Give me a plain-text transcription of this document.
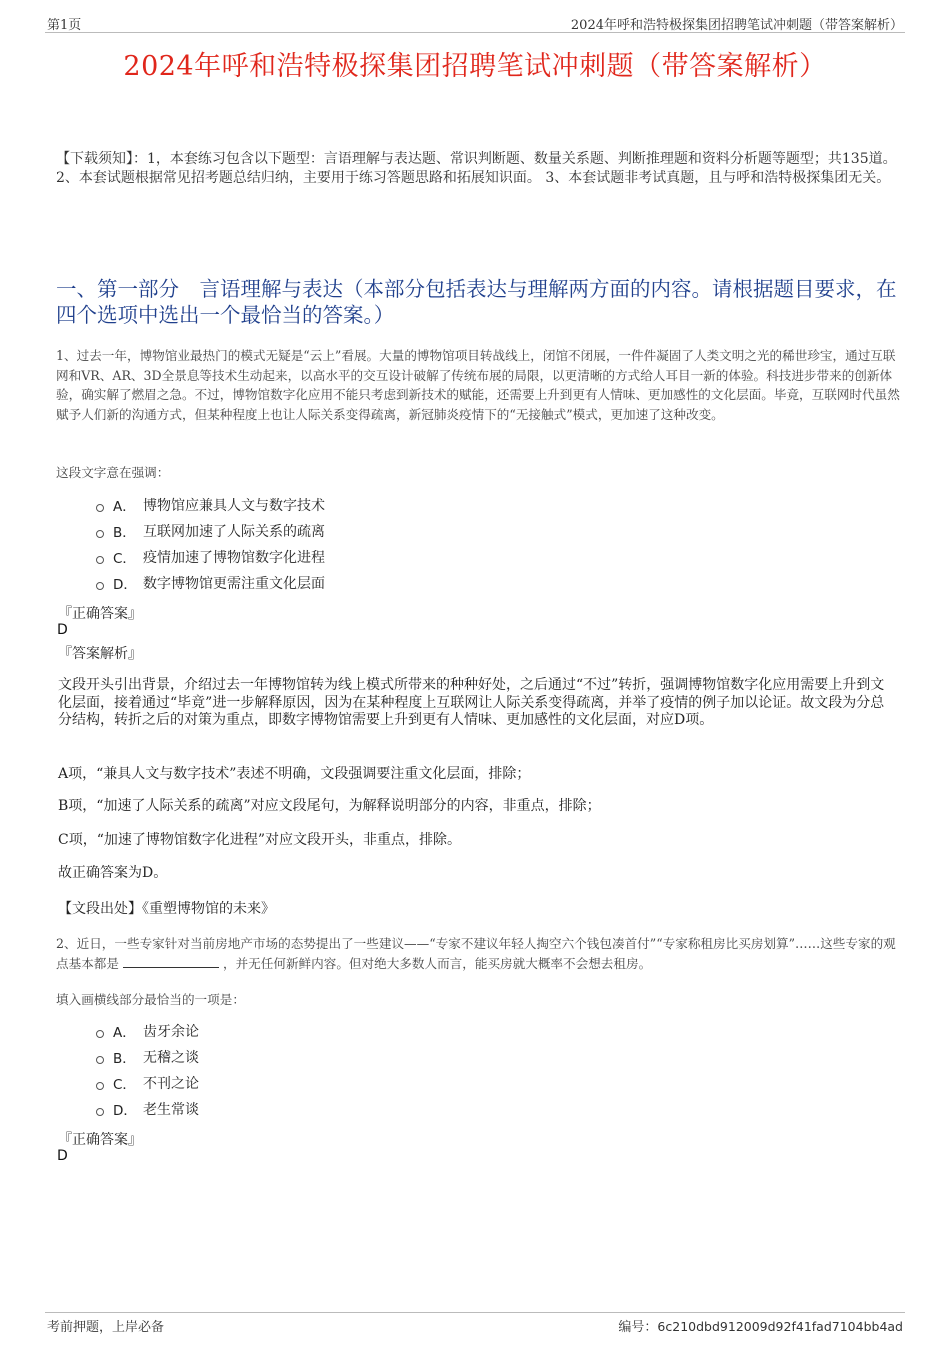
第1页	2024年呼和浩特极探集团招聘笔试冲刺题（带答案解析）
2024年呼和浩特极探集团招聘笔试冲刺题（带答案解析）
【下载须知】：1，本套练习包含以下题型：言语理解与表达题、常识判断题、数量关系题、判断推理题和资料分析题等题型；共135道。 2、本套试题根据常见招考题总结归纳，主要用于练习答题思路和拓展知识面。 3、本套试题非考试真题，且与呼和浩特极探集团无关。
一、第一部分　言语理解与表达（本部分包括表达与理解两方面的内容。请根据题目要求，在四个选项中选出一个最恰当的答案。）
1、过去一年，博物馆业最热门的模式无疑是“云上”看展。大量的博物馆项目转战线上，闭馆不闭展，一件件凝固了人类文明之光的稀世珍宝，通过互联网和VR、AR、3D全景息等技术生动起来，以高水平的交互设计破解了传统布展的局限，以更清晰的方式给人耳目一新的体验。科技进步带来的创新体验，确实解了燃眉之急。不过，博物馆数字化应用不能只考虑到新技术的赋能，还需要上升到更有人情味、更加感性的文化层面。毕竟，互联网时代虽然赋予人们新的沟通方式，但某种程度上也让人际关系变得疏离，新冠肺炎疫情下的“无接触式”模式，更加速了这种改变。
这段文字意在强调：
A． 博物馆应兼具人文与数字技术
B． 互联网加速了人际关系的疏离
C． 疫情加速了博物馆数字化进程
D． 数字博物馆更需注重文化层面
『正确答案』
D
『答案解析』
文段开头引出背景，介绍过去一年博物馆转为线上模式所带来的种种好处，之后通过“不过”转折，强调博物馆数字化应用需要上升到文化层面，接着通过“毕竟”进一步解释原因，因为在某种程度上互联网让人际关系变得疏离，并举了疫情的例子加以论证。故文段为分总分结构，转折之后的对策为重点，即数字博物馆需要上升到更有人情味、更加感性的文化层面，对应D项。
A项，“兼具人文与数字技术”表述不明确，文段强调要注重文化层面，排除；
B项，“加速了人际关系的疏离”对应文段尾句，为解释说明部分的内容，非重点，排除；
C项，“加速了博物馆数字化进程”对应文段开头，非重点，排除。
故正确答案为D。
【文段出处】《重塑博物馆的未来》
2、近日，一些专家针对当前房地产市场的态势提出了一些建议——“专家不建议年轻人掏空六个钱包凑首付”“专家称租房比买房划算”……这些专家的观点基本都是	，并无任何新鲜内容。但对绝大多数人而言，能买房就大概率不会想去租房。
填入画横线部分最恰当的一项是：
A． 齿牙余论
B． 无稽之谈
C． 不刊之论
D． 老生常谈
『正确答案』
D
考前押题，上岸必备	编号：6c210dbd912009d92f41fad7104bb4ad
